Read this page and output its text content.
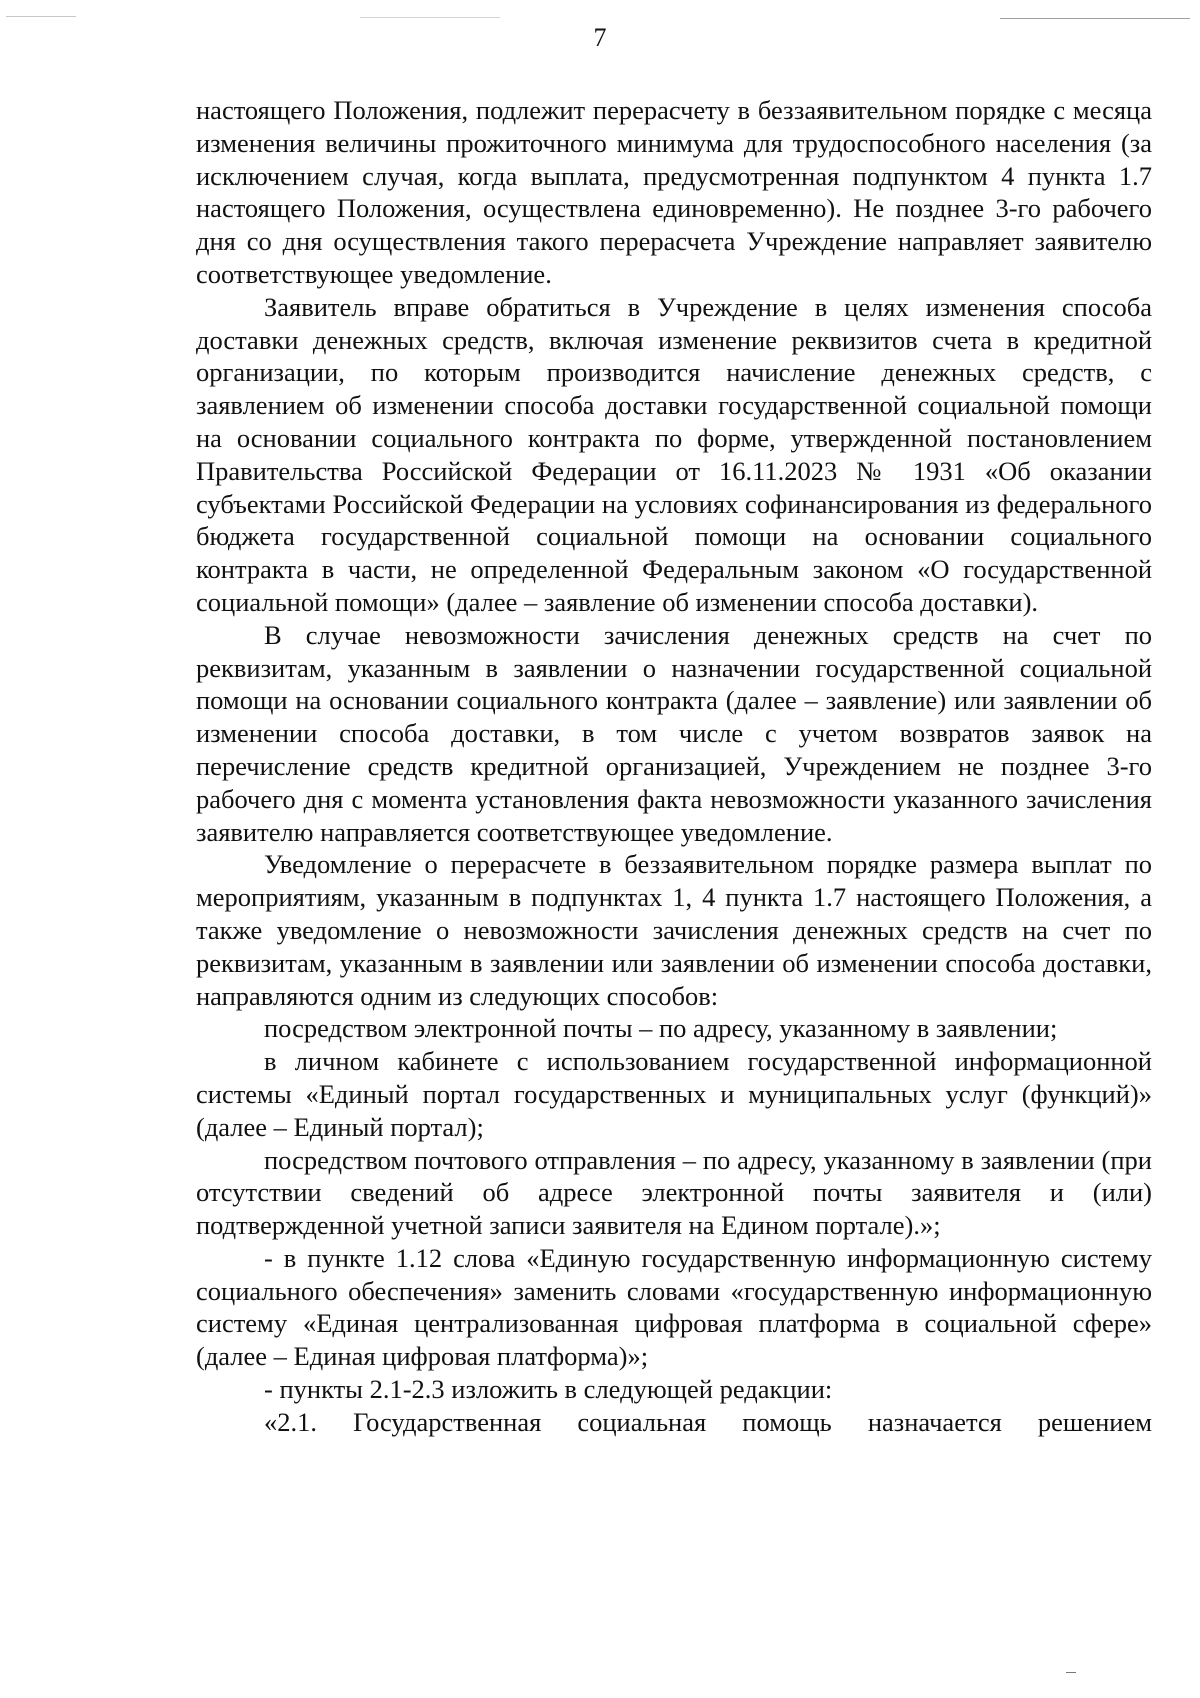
7

настоящего Положения, подлежит перерасчету в беззаявительном порядке с месяца изменения величины прожиточного минимума для трудоспособного населения (за исключением случая, когда выплата, предусмотренная подпунктом 4 пункта 1.7 настоящего Положения, осуществлена единовременно). Не позднее 3-го рабочего дня со дня осуществления такого перерасчета Учреждение направляет заявителю соответствующее уведомление.

Заявитель вправе обратиться в Учреждение в целях изменения способа доставки денежных средств, включая изменение реквизитов счета в кредитной организации, по которым производится начисление денежных средств, с заявлением об изменении способа доставки государственной социальной помощи на основании социального контракта по форме, утвержденной постановлением Правительства Российской Федерации от 16.11.2023 № 1931 «Об оказании субъектами Российской Федерации на условиях софинансирования из федерального бюджета государственной социальной помощи на основании социального контракта в части, не определенной Федеральным законом «О государственной социальной помощи» (далее – заявление об изменении способа доставки).

В случае невозможности зачисления денежных средств на счет по реквизитам, указанным в заявлении о назначении государственной социальной помощи на основании социального контракта (далее – заявление) или заявлении об изменении способа доставки, в том числе с учетом возвратов заявок на перечисление средств кредитной организацией, Учреждением не позднее 3-го рабочего дня с момента установления факта невозможности указанного зачисления заявителю направляется соответствующее уведомление.

Уведомление о перерасчете в беззаявительном порядке размера выплат по мероприятиям, указанным в подпунктах 1, 4 пункта 1.7 настоящего Положения, а также уведомление о невозможности зачисления денежных средств на счет по реквизитам, указанным в заявлении или заявлении об изменении способа доставки, направляются одним из следующих способов:

посредством электронной почты – по адресу, указанному в заявлении;

в личном кабинете с использованием государственной информационной системы «Единый портал государственных и муниципальных услуг (функций)» (далее – Единый портал);

посредством почтового отправления – по адресу, указанному в заявлении (при отсутствии сведений об адресе электронной почты заявителя и (или) подтвержденной учетной записи заявителя на Едином портале).»;

- в пункте 1.12 слова «Единую государственную информационную систему социального обеспечения» заменить словами «государственную информационную систему «Единая централизованная цифровая платформа в социальной сфере» (далее – Единая цифровая платформа)»;

- пункты 2.1-2.3 изложить в следующей редакции:

«2.1. Государственная социальная помощь назначается решением
